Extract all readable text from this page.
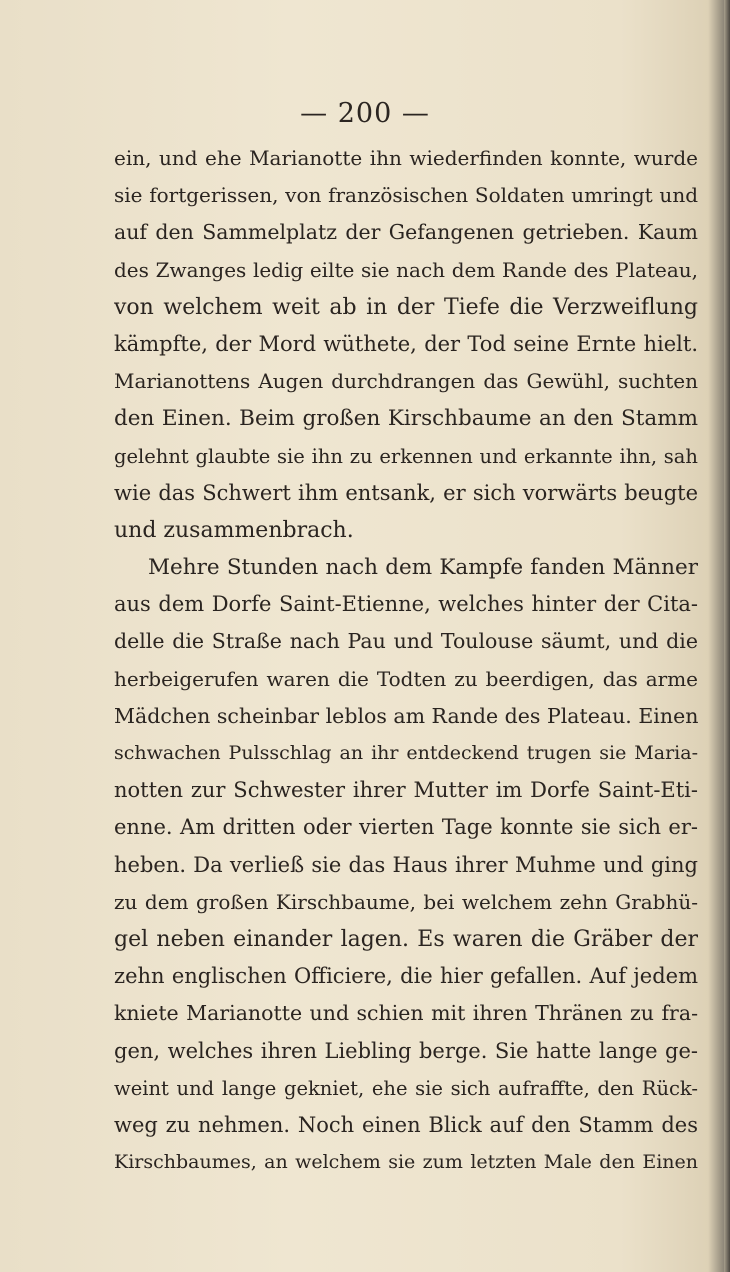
— 200 —
ein, und ehe Marianotte ihn wiederfinden konnte, wurde
sie fortgerissen, von französischen Soldaten umringt und
auf den Sammelplatz der Gefangenen getrieben. Kaum
des Zwanges ledig eilte sie nach dem Rande des Plateau,
von welchem weit ab in der Tiefe die Verzweiflung
kämpfte, der Mord wüthete, der Tod seine Ernte hielt.
Marianottens Augen durchdrangen das Gewühl, suchten
den Einen. Beim großen Kirschbaume an den Stamm
gelehnt glaubte sie ihn zu erkennen und erkannte ihn, sah
wie das Schwert ihm entsank, er sich vorwärts beugte
und zusammenbrach.
Mehre Stunden nach dem Kampfe fanden Männer
aus dem Dorfe Saint-Etienne, welches hinter der Cita-
delle die Straße nach Pau und Toulouse säumt, und die
herbeigerufen waren die Todten zu beerdigen, das arme
Mädchen scheinbar leblos am Rande des Plateau. Einen
schwachen Pulsschlag an ihr entdeckend trugen sie Maria-
notten zur Schwester ihrer Mutter im Dorfe Saint-Eti-
enne. Am dritten oder vierten Tage konnte sie sich er-
heben. Da verließ sie das Haus ihrer Muhme und ging
zu dem großen Kirschbaume, bei welchem zehn Grabhü-
gel neben einander lagen. Es waren die Gräber der
zehn englischen Officiere, die hier gefallen. Auf jedem
kniete Marianotte und schien mit ihren Thränen zu fra-
gen, welches ihren Liebling berge. Sie hatte lange ge-
weint und lange gekniet, ehe sie sich aufraffte, den Rück-
weg zu nehmen. Noch einen Blick auf den Stamm des
Kirschbaumes, an welchem sie zum letzten Male den Einen
